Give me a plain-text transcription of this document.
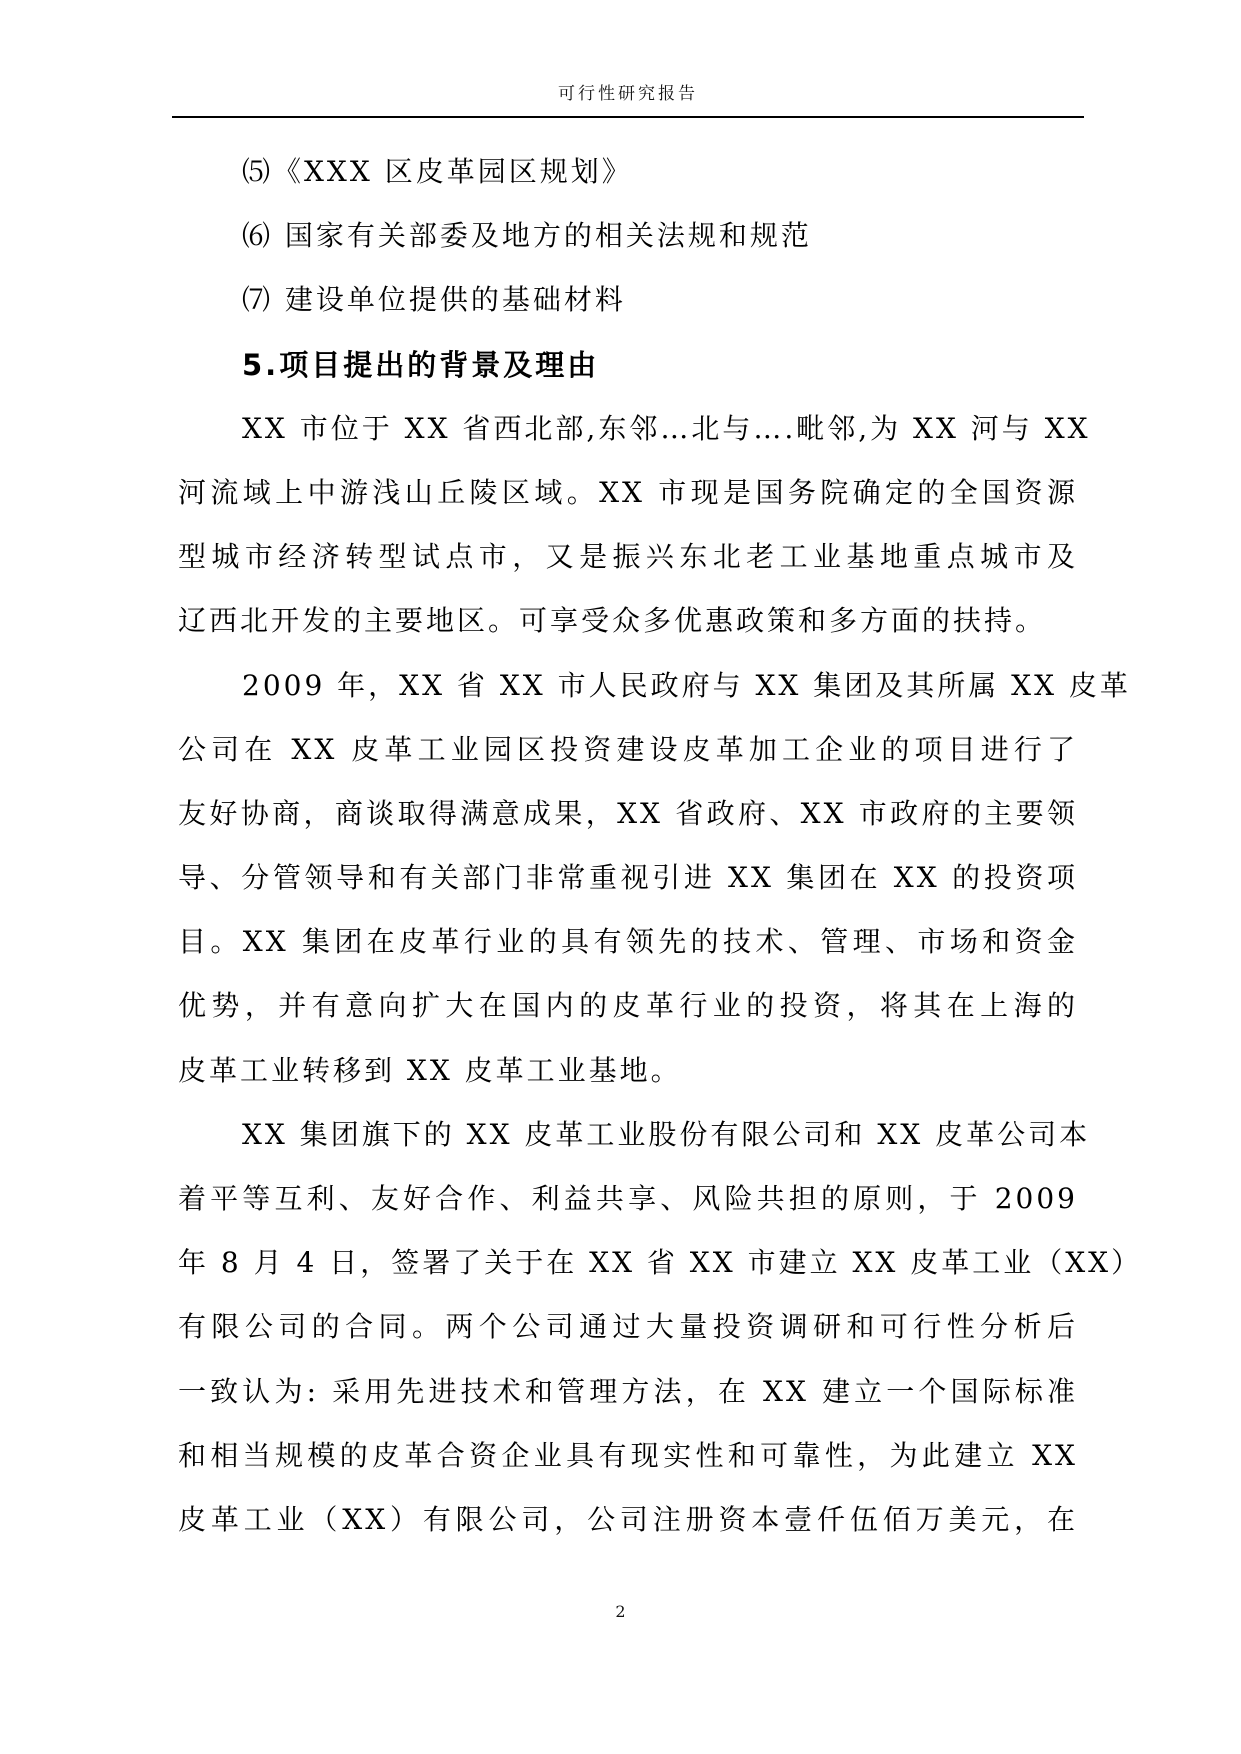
可行性研究报告
⑸《XXX 区皮革园区规划》
⑹ 国家有关部委及地方的相关法规和规范
⑺ 建设单位提供的基础材料
5.项目提出的背景及理由
XX 市位于 XX 省西北部,东邻…北与….毗邻,为 XX 河与 XX
河流域上中游浅山丘陵区域。XX 市现是国务院确定的全国资源
型城市经济转型试点市，又是振兴东北老工业基地重点城市及
辽西北开发的主要地区。可享受众多优惠政策和多方面的扶持。
2009 年，XX 省 XX 市人民政府与 XX 集团及其所属 XX 皮革
公司在 XX 皮革工业园区投资建设皮革加工企业的项目进行了
友好协商，商谈取得满意成果，XX 省政府、XX 市政府的主要领
导、分管领导和有关部门非常重视引进 XX 集团在 XX 的投资项
目。XX 集团在皮革行业的具有领先的技术、管理、市场和资金
优势，并有意向扩大在国内的皮革行业的投资，将其在上海的
皮革工业转移到 XX 皮革工业基地。
XX 集团旗下的 XX 皮革工业股份有限公司和 XX 皮革公司本
着平等互利、友好合作、利益共享、风险共担的原则，于 2009
年 8 月 4 日，签署了关于在 XX 省 XX 市建立 XX 皮革工业（XX）
有限公司的合同。两个公司通过大量投资调研和可行性分析后
一致认为: 采用先进技术和管理方法，在 XX 建立一个国际标准
和相当规模的皮革合资企业具有现实性和可靠性，为此建立 XX
皮革工业（XX）有限公司，公司注册资本壹仟伍佰万美元，在
2
